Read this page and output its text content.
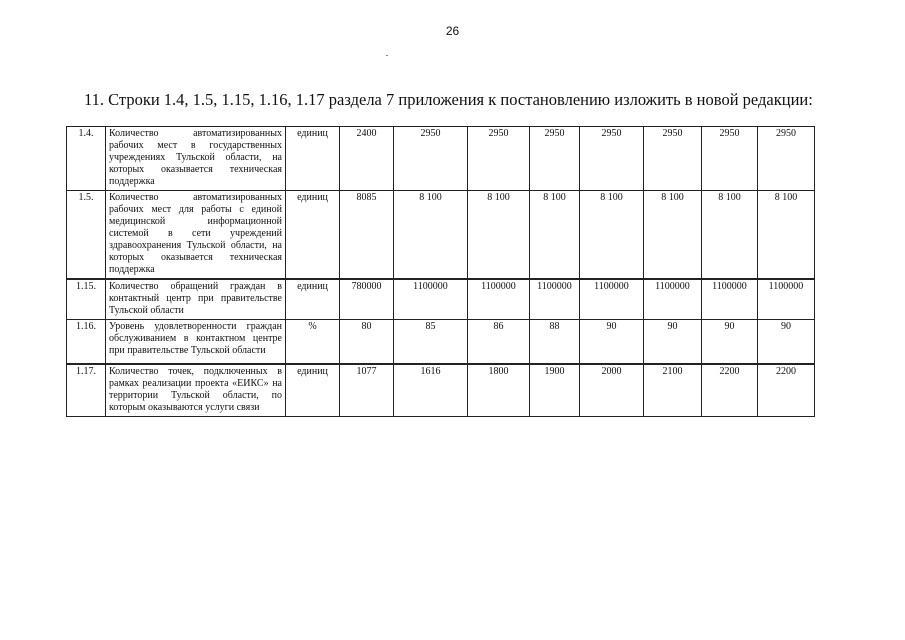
26
11. Строки 1.4, 1.5, 1.15, 1.16, 1.17 раздела 7 приложения к постановлению изложить в новой редакции:
1.4.	Количество автоматизированных рабочих мест в государственных учреждениях Тульской области, на которых оказывается техническая поддержка	единиц	2400	2950	2950	2950	2950	2950	2950	2950
1.5.	Количество автоматизированных рабочих мест для работы с единой медицинской информационной системой в сети учреждений здравоохранения Тульской области, на которых оказывается техническая поддержка	единиц	8085	8 100	8 100	8 100	8 100	8 100	8 100	8 100
1.15.	Количество обращений граждан в контактный центр при правительстве Тульской области	единиц	780000	1100000	1100000	1100000	1100000	1100000	1100000	1100000
1.16.	Уровень удовлетворенности граждан обслуживанием в контактном центре при правительстве Тульской области	%	80	85	86	88	90	90	90	90
1.17.	Количество точек, подключенных в рамках реализации проекта «ЕИКС» на территории Тульской области, по которым оказываются услуги связи	единиц	1077	1616	1800	1900	2000	2100	2200	2200
